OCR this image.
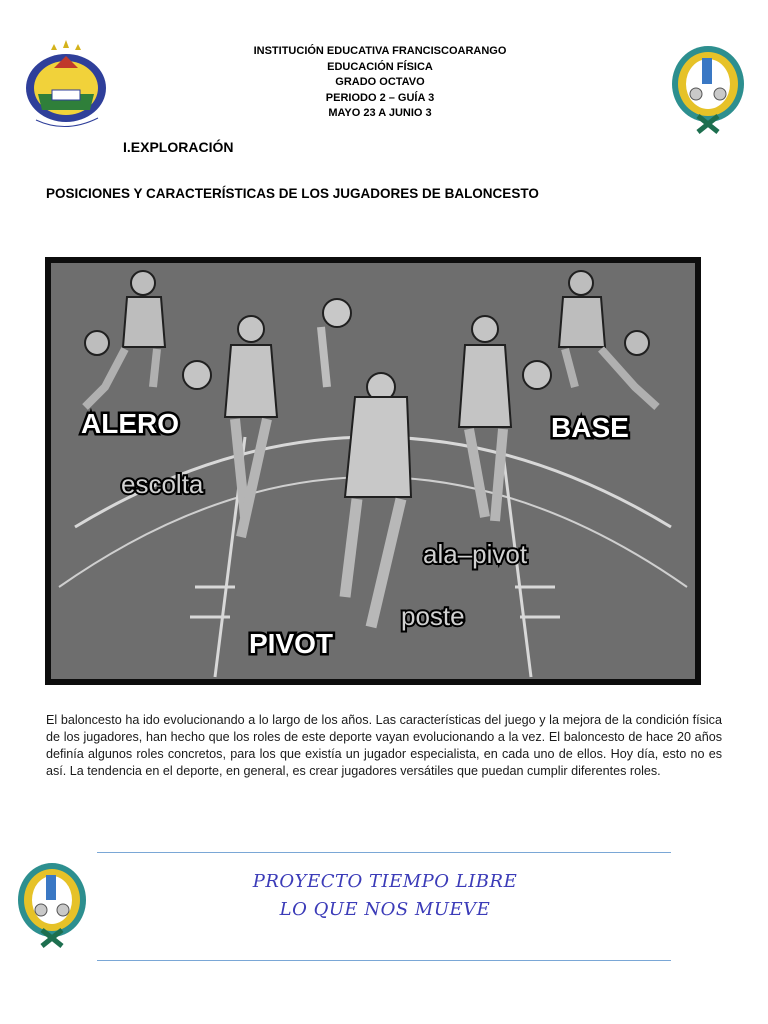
INSTITUCIÓN EDUCATIVA FRANCISCOARANGO
EDUCACIÓN FÍSICA
GRADO OCTAVO
PERIODO 2 – GUÍA 3
MAYO 23 A JUNIO 3
I.EXPLORACIÓN
POSICIONES Y CARACTERÍSTICAS DE LOS JUGADORES DE BALONCESTO
ALERO	BASE
PIVOT
escolta
ala–pivot
poste
El baloncesto ha ido evolucionando a lo largo de los años. Las características del juego y la mejora de la condición física de los jugadores, han hecho que los roles de este deporte vayan evolucionando a la vez. El baloncesto de hace 20 años definía algunos roles concretos, para los que existía un jugador especialista, en cada uno de ellos. Hoy día, esto no es así. La tendencia en el deporte, en general, es crear jugadores versátiles que puedan cumplir diferentes roles.
PROYECTO TIEMPO LIBRE
LO QUE NOS MUEVE
